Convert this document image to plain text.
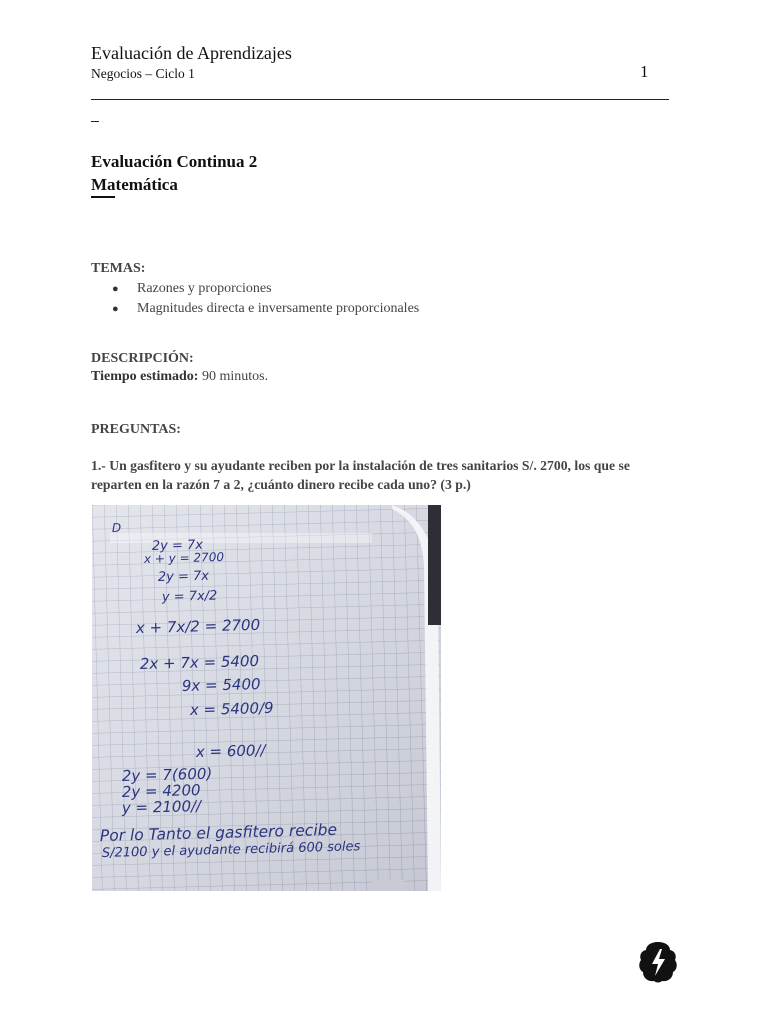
Evaluación de Aprendizajes
Negocios – Ciclo 1	1
Evaluación Continua 2
Matemática
TEMAS:
● Razones y proporciones
● Magnitudes directa e inversamente proporcionales
DESCRIPCIÓN:
Tiempo estimado: 90 minutos.
PREGUNTAS:
1.- Un gasfitero y su ayudante reciben por la instalación de tres sanitarios S/. 2700, los que se reparten en la razón 7 a 2, ¿cuánto dinero recibe cada uno? (3 p.)
D
2y = 7x
x + y = 2700
2y = 7x
y = 7x/2
x + 7x/2 = 2700
2x + 7x = 5400
9x = 5400
x = 5400/9
x = 600//
2y = 7(600)
2y = 4200
y = 2100//
Por lo Tanto el gasfitero recibe
S/2100 y el ayudante recibirá 600 soles
